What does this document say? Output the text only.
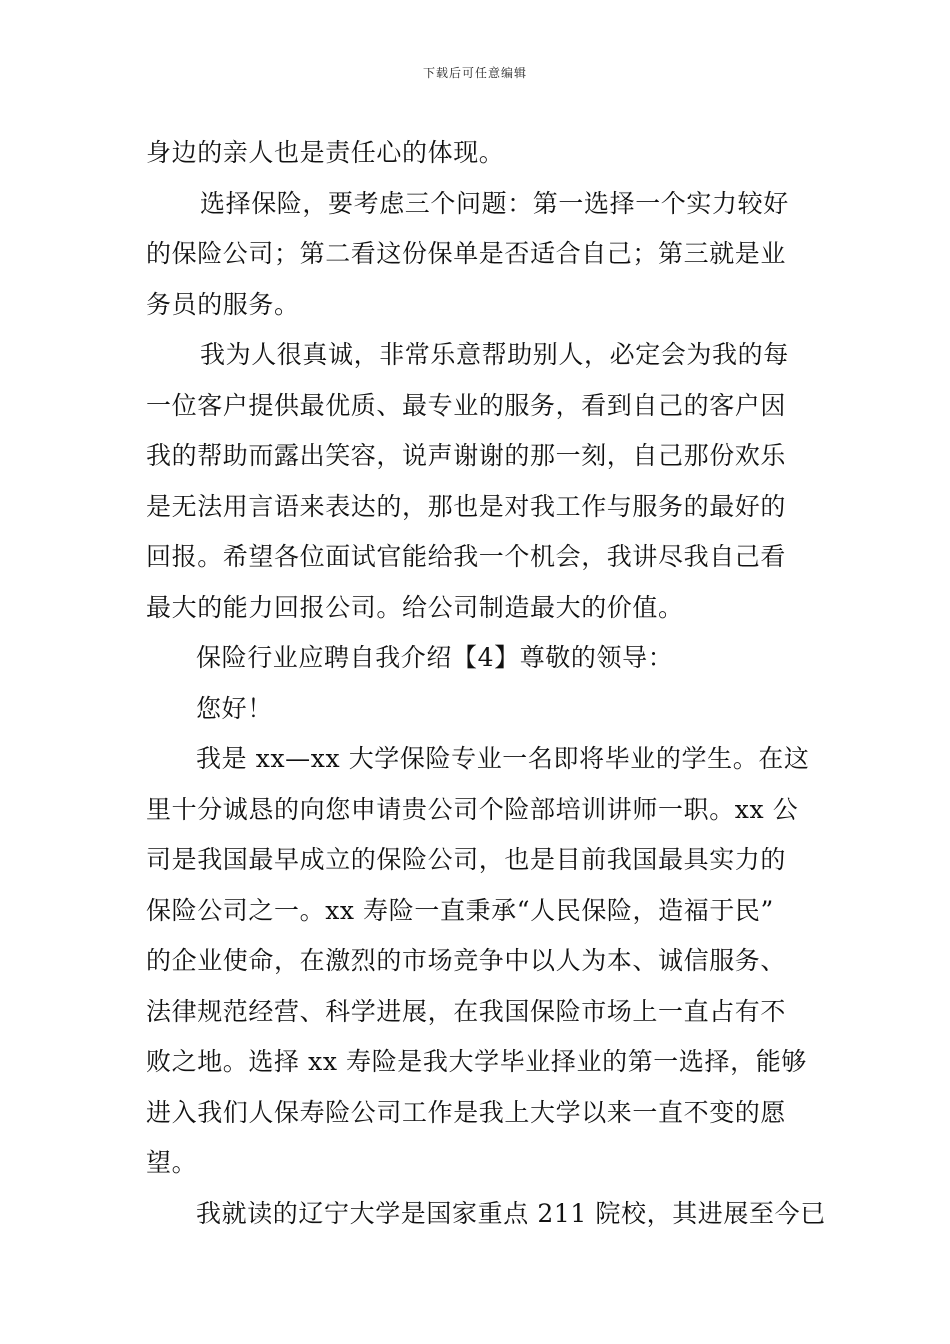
下载后可任意编辑
身边的亲人也是责任心的体现。
选择保险，要考虑三个问题：第一选择一个实力较好
的保险公司；第二看这份保单是否适合自己；第三就是业
务员的服务。
我为人很真诚，非常乐意帮助别人，必定会为我的每
一位客户提供最优质、最专业的服务，看到自己的客户因
我的帮助而露出笑容，说声谢谢的那一刻，自己那份欢乐
是无法用言语来表达的，那也是对我工作与服务的最好的
回报。希望各位面试官能给我一个机会，我讲尽我自己看
最大的能力回报公司。给公司制造最大的价值。
保险行业应聘自我介绍【4】尊敬的领导：
您好！
我是 xx—xx 大学保险专业一名即将毕业的学生。在这
里十分诚恳的向您申请贵公司个险部培训讲师一职。xx 公
司是我国最早成立的保险公司，也是目前我国最具实力的
保险公司之一。xx 寿险一直秉承“人民保险，造福于民”
的企业使命，在激烈的市场竞争中以人为本、诚信服务、
法律规范经营、科学进展，在我国保险市场上一直占有不
败之地。选择 xx 寿险是我大学毕业择业的第一选择，能够
进入我们人保寿险公司工作是我上大学以来一直不变的愿
望。
我就读的辽宁大学是国家重点 211 院校，其进展至今已
